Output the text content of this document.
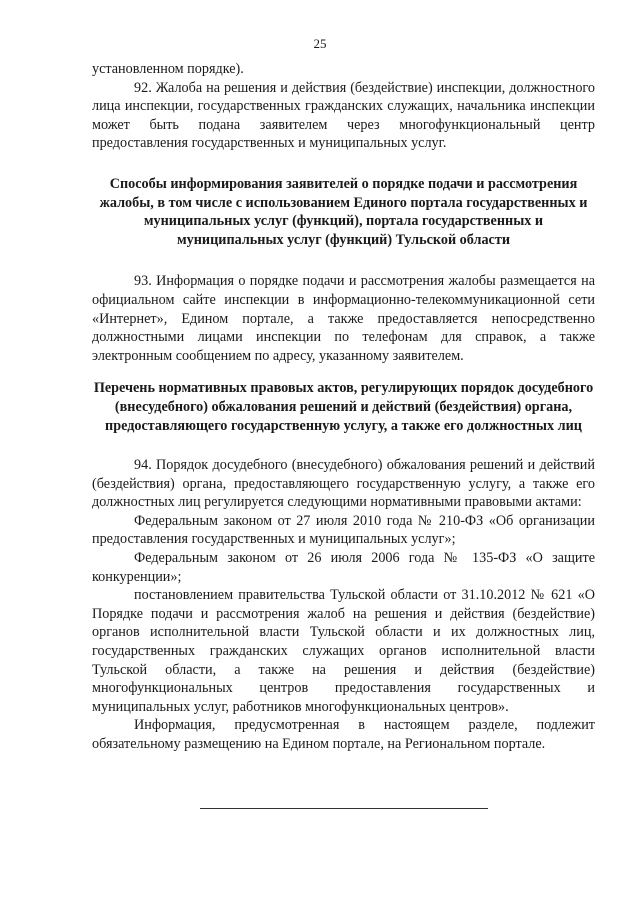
25

установленном порядке).

92. Жалоба на решения и действия (бездействие) инспекции, должностного лица инспекции, государственных гражданских служащих, начальника инспекции может быть подана заявителем через многофункциональный центр предоставления государственных и муниципальных услуг.

Способы информирования заявителей о порядке подачи и рассмотрения жалобы, в том числе с использованием Единого портала государственных и муниципальных услуг (функций), портала государственных и муниципальных услуг (функций) Тульской области

93. Информация о порядке подачи и рассмотрения жалобы размещается на официальном сайте инспекции в информационно-телекоммуникационной сети «Интернет», Едином портале, а также предоставляется непосредственно должностными лицами инспекции по телефонам для справок, а также электронным сообщением по адресу, указанному заявителем.

Перечень нормативных правовых актов, регулирующих порядок досудебного (внесудебного) обжалования решений и действий (бездействия) органа, предоставляющего государственную услугу, а также его должностных лиц

94. Порядок досудебного (внесудебного) обжалования решений и действий (бездействия) органа, предоставляющего государственную услугу, а также его должностных лиц регулируется следующими нормативными правовыми актами:

Федеральным законом от 27 июля 2010 года № 210-ФЗ «Об организации предоставления государственных и муниципальных услуг»;

Федеральным законом от 26 июля 2006 года № 135-ФЗ «О защите конкуренции»;

постановлением правительства Тульской области от 31.10.2012 № 621 «О Порядке подачи и рассмотрения жалоб на решения и действия (бездействие) органов исполнительной власти Тульской области и их должностных лиц, государственных гражданских служащих органов исполнительной власти Тульской области, а также на решения и действия (бездействие) многофункциональных центров предоставления государственных и муниципальных услуг, работников многофункциональных центров».

Информация, предусмотренная в настоящем разделе, подлежит обязательному размещению на Едином портале, на Региональном портале.
